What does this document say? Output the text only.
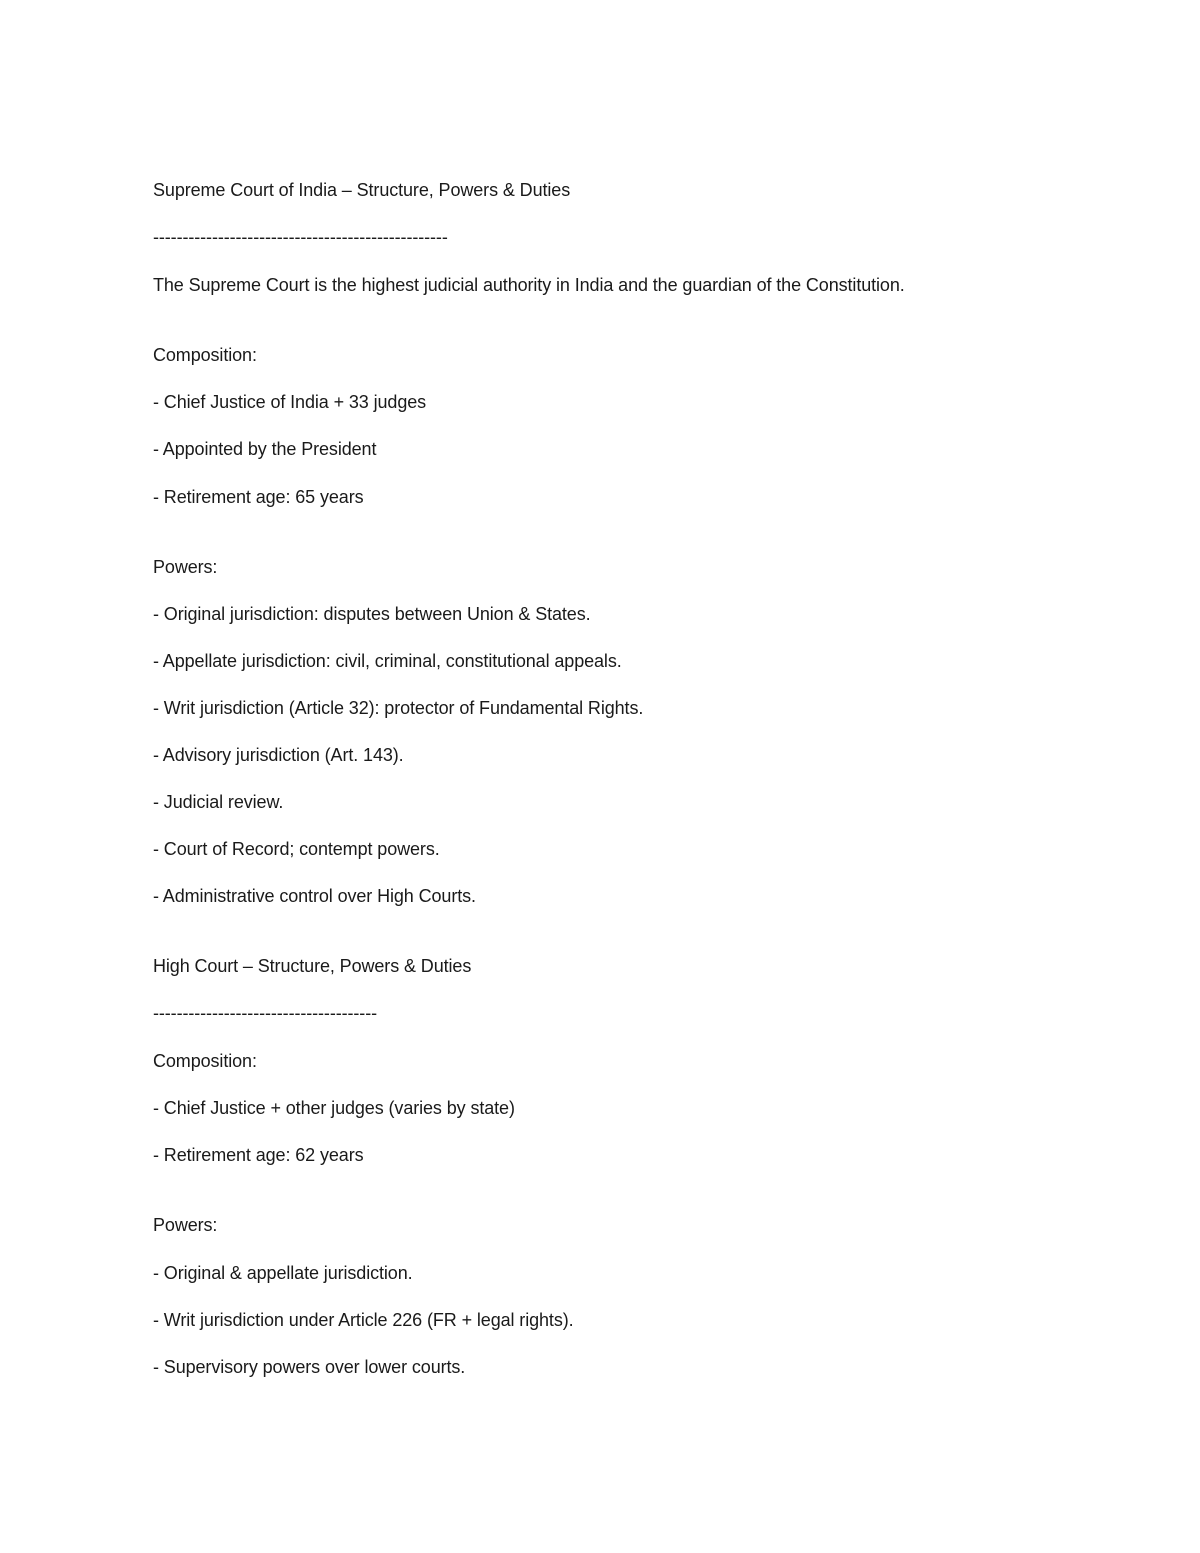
Supreme Court of India – Structure, Powers & Duties
--------------------------------------------------
The Supreme Court is the highest judicial authority in India and the guardian of the Constitution.
Composition:
- Chief Justice of India + 33 judges
- Appointed by the President
- Retirement age: 65 years
Powers:
- Original jurisdiction: disputes between Union & States.
- Appellate jurisdiction: civil, criminal, constitutional appeals.
- Writ jurisdiction (Article 32): protector of Fundamental Rights.
- Advisory jurisdiction (Art. 143).
- Judicial review.
- Court of Record; contempt powers.
- Administrative control over High Courts.
High Court – Structure, Powers & Duties
--------------------------------------
Composition:
- Chief Justice + other judges (varies by state)
- Retirement age: 62 years
Powers:
- Original & appellate jurisdiction.
- Writ jurisdiction under Article 226 (FR + legal rights).
- Supervisory powers over lower courts.
